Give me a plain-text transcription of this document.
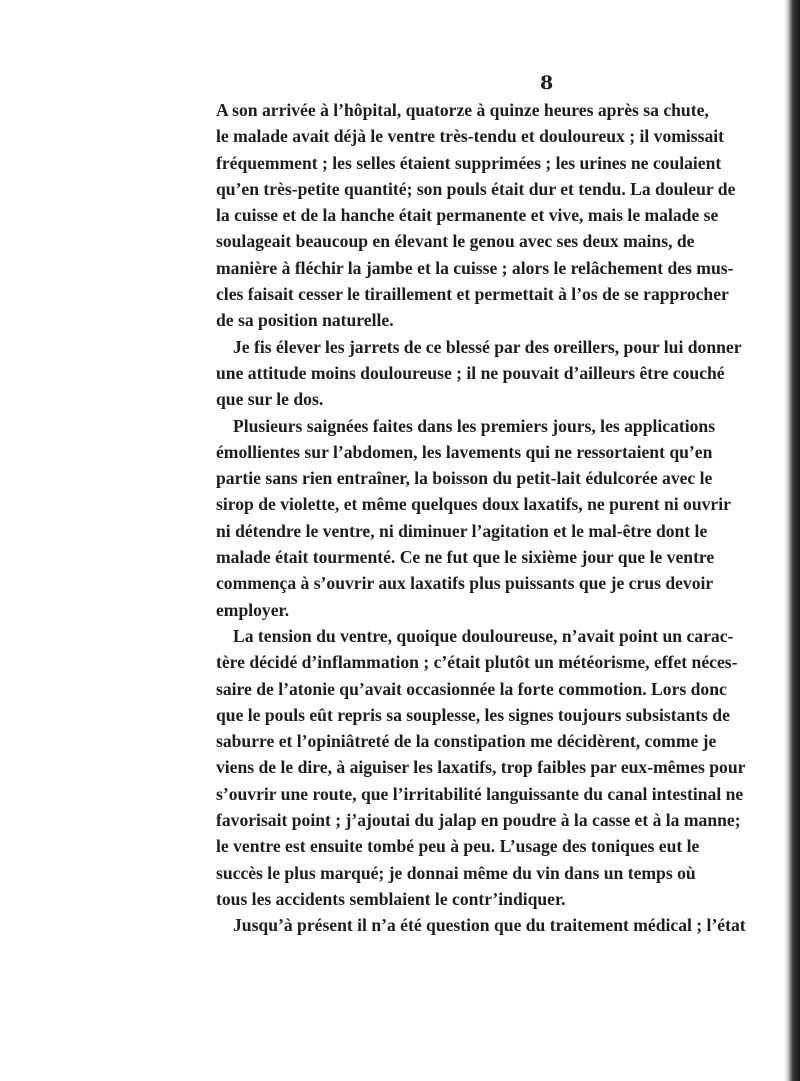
8

A son arrivée à l’hôpital, quatorze à quinze heures après sa chute,
le malade avait déjà le ventre très-tendu et douloureux ; il vomissait
fréquemment ; les selles étaient supprimées ; les urines ne coulaient
qu’en très-petite quantité; son pouls était dur et tendu. La douleur de
la cuisse et de la hanche était permanente et vive, mais le malade se
soulageait beaucoup en élevant le genou avec ses deux mains, de
manière à fléchir la jambe et la cuisse ; alors le relâchement des mus-
cles faisait cesser le tiraillement et permettait à l’os de se rapprocher
de sa position naturelle.

Je fis élever les jarrets de ce blessé par des oreillers, pour lui donner
une attitude moins douloureuse ; il ne pouvait d’ailleurs être couché
que sur le dos.

Plusieurs saignées faites dans les premiers jours, les applications
émollientes sur l’abdomen, les lavements qui ne ressortaient qu’en
partie sans rien entraîner, la boisson du petit-lait édulcorée avec le
sirop de violette, et même quelques doux laxatifs, ne purent ni ouvrir
ni détendre le ventre, ni diminuer l’agitation et le mal-être dont le
malade était tourmenté. Ce ne fut que le sixième jour que le ventre
commença à s’ouvrir aux laxatifs plus puissants que je crus devoir
employer.

La tension du ventre, quoique douloureuse, n’avait point un carac-
tère décidé d’inflammation ; c’était plutôt un météorisme, effet néces-
saire de l’atonie qu’avait occasionnée la forte commotion. Lors donc
que le pouls eût repris sa souplesse, les signes toujours subsistants de
saburre et l’opiniâtreté de la constipation me décidèrent, comme je
viens de le dire, à aiguiser les laxatifs, trop faibles par eux-mêmes pour
s’ouvrir une route, que l’irritabilité languissante du canal intestinal ne
favorisait point ; j’ajoutai du jalap en poudre à la casse et à la manne;
le ventre est ensuite tombé peu à peu. L’usage des toniques eut le
succès le plus marqué; je donnai même du vin dans un temps où
tous les accidents semblaient le contr’indiquer.

Jusqu’à présent il n’a été question que du traitement médical ; l’état
